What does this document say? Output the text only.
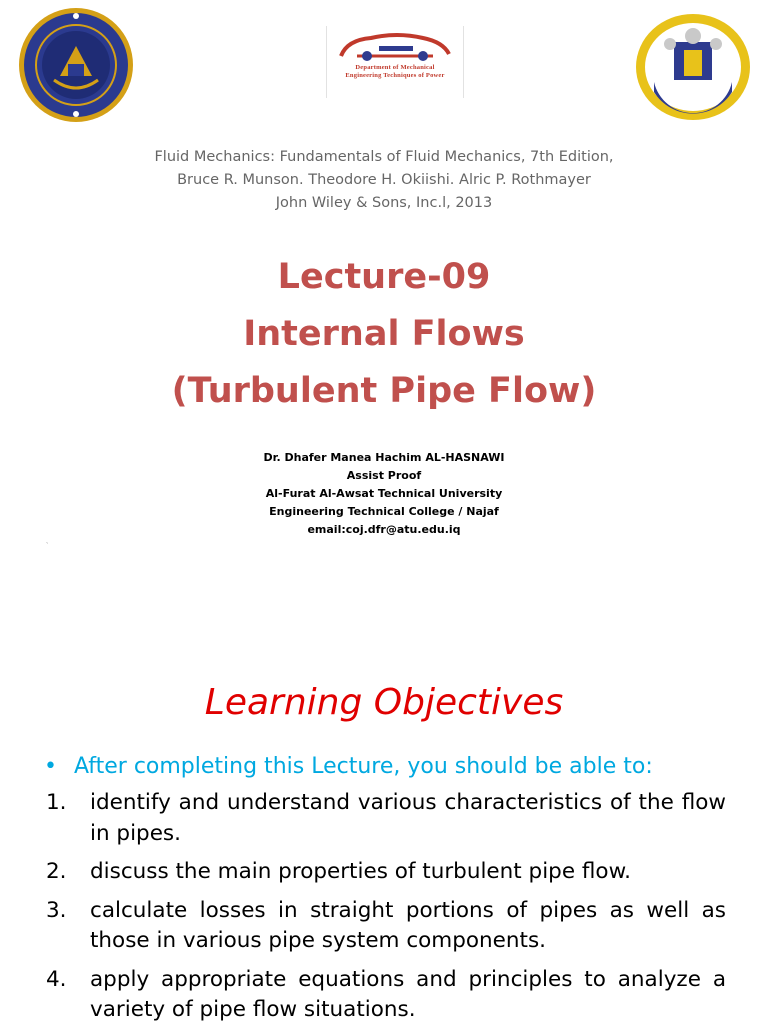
Department of Mechanical
Engineering Techniques of Power
Fluid Mechanics: Fundamentals of Fluid Mechanics, 7th Edition,
Bruce R. Munson. Theodore H. Okiishi. Alric P. Rothmayer
John Wiley & Sons, Inc.l, 2013
Lecture-09
Internal Flows
(Turbulent Pipe Flow)
Dr. Dhafer Manea Hachim AL-HASNAWI
Assist Proof
Al-Furat Al-Awsat Technical University
Engineering Technical College / Najaf
email:coj.dfr@atu.edu.iq
ˋ
Learning Objectives
• After completing this Lecture, you should be able to:
1.	identify and understand various characteristics of the flow in pipes.
2.	discuss the main properties of turbulent pipe flow.
3.	calculate losses in straight portions of pipes as well as those in various pipe system components.
4.	apply appropriate equations and principles to analyze a variety of pipe flow situations.
